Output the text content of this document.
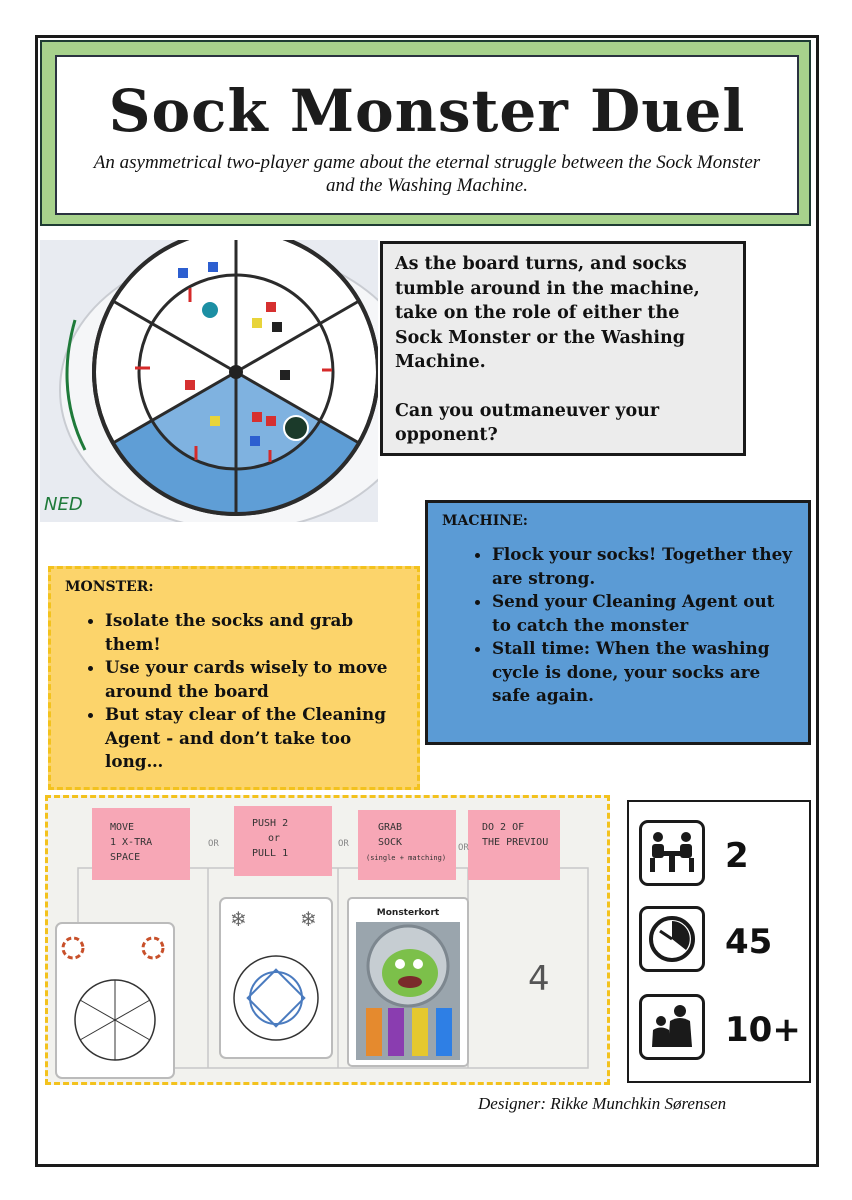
Sock Monster Duel
An asymmetrical two-player game about the eternal struggle between the Sock Monster and the Washing Machine.
NED

As the board turns, and socks tumble around in the machine, take on the role of either the Sock Monster or the Washing Machine.

Can you outmaneuver your opponent?

MACHINE:
• Flock your socks! Together they are strong.
• Send your Cleaning Agent out to catch the monster
• Stall time: When the washing cycle is done, your socks are safe again.
MONSTER:
• Isolate the socks and grab them!
• Use your cards wisely to move around the board
• But stay clear of the Cleaning Agent - and don’t take too long…
MOVE
1 X-TRA
SPACE
PUSH 2
or
PULL 1
GRAB
SOCK
(single + matching)
DO 2 OF
THE PREVIOU
OR	OR	OR
❄	❄	Monsterkort
4
2
45
10+
Designer: Rikke Munchkin Sørensen
